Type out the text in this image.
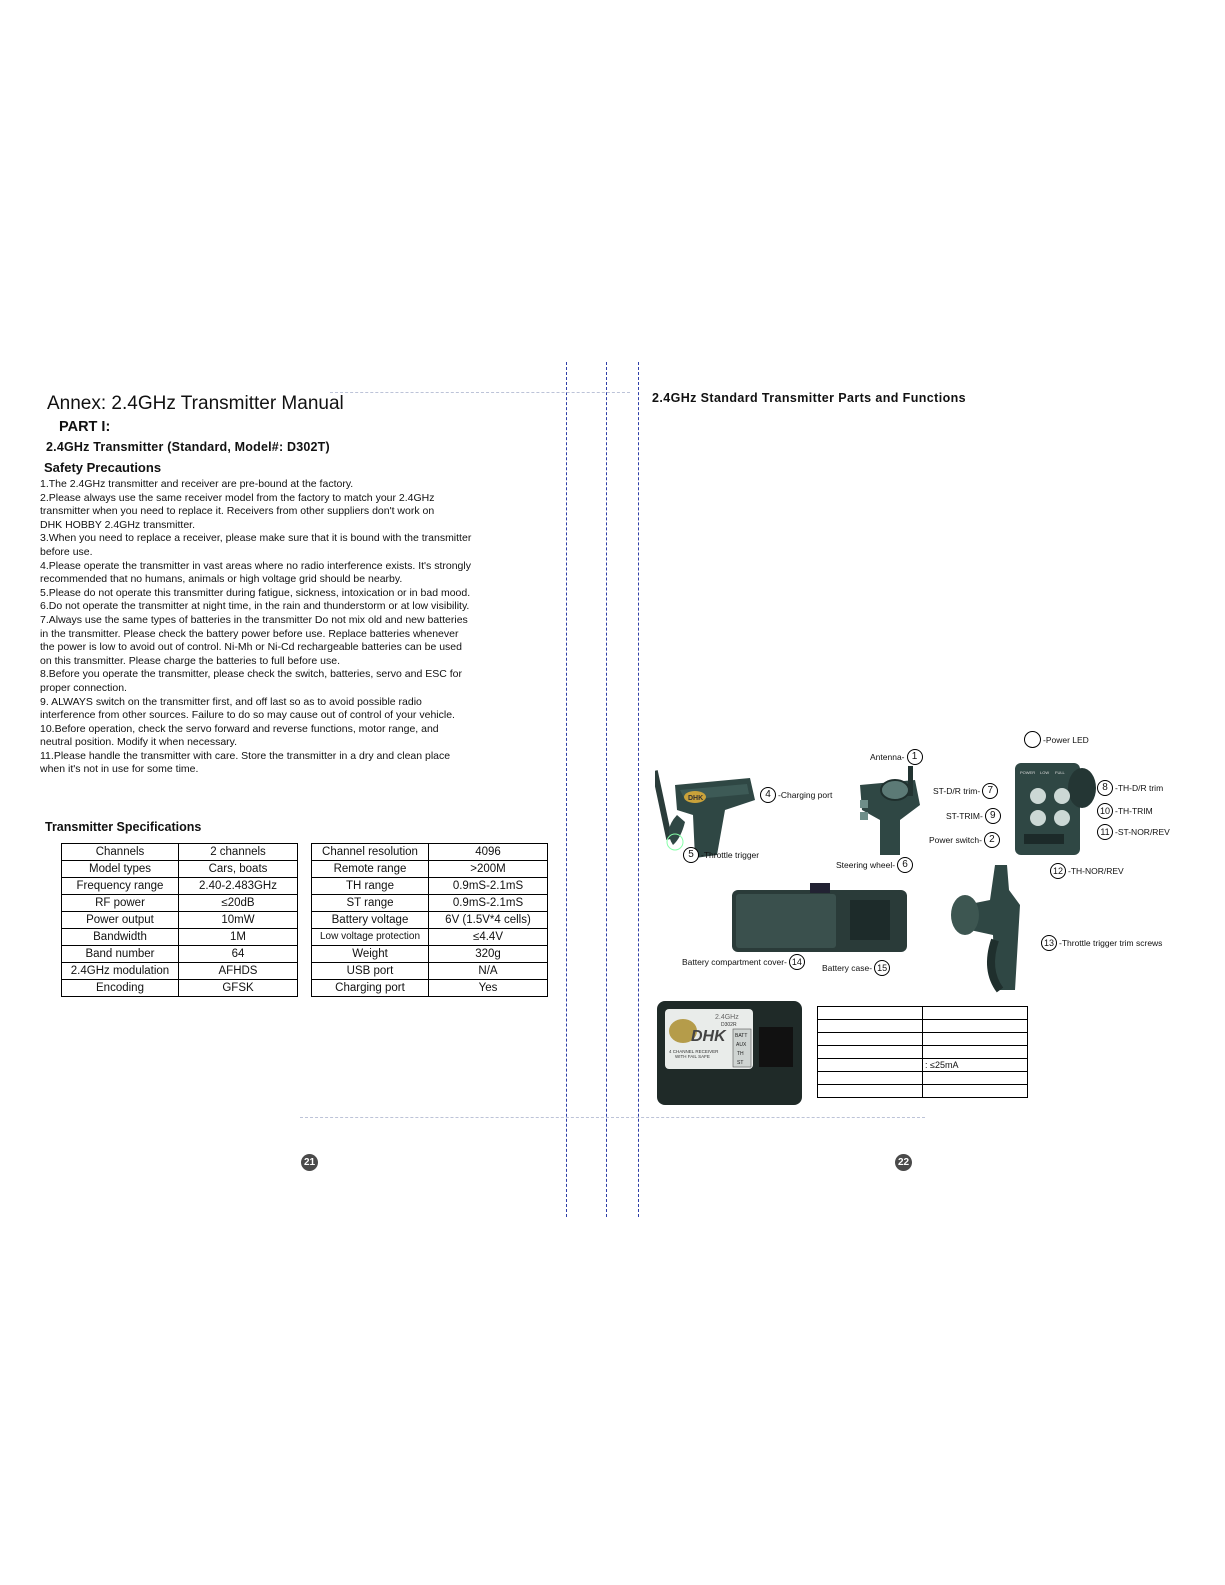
Annex: 2.4GHz Transmitter Manual
PART I:
2.4GHz Transmitter (Standard, Model#: D302T)
Safety Precautions
1.The 2.4GHz transmitter and receiver are pre-bound at the factory.
2.Please always use the same receiver model from the factory to match your 2.4GHz
transmitter when you need to replace it. Receivers from other suppliers don't work on
DHK HOBBY 2.4GHz transmitter.
3.When you need to replace a receiver, please make sure that it is bound with the transmitter
before use.
4.Please operate the transmitter in vast areas where no radio interference exists. It's strongly
recommended that no humans, animals or high voltage grid should be nearby.
5.Please do not operate this transmitter during fatigue, sickness, intoxication or in bad mood.
6.Do not operate the transmitter at night time, in the rain and thunderstorm or at low visibility.
7.Always use the same types of batteries in the transmitter Do not mix old and new batteries
in the transmitter. Please check the battery power before use. Replace batteries whenever
the power is low to avoid out of control. Ni-Mh or Ni-Cd rechargeable batteries can be used
on this transmitter. Please charge the batteries to full before use.
8.Before you operate the transmitter, please check the switch, batteries, servo and ESC for
proper connection.
9. ALWAYS switch on the transmitter first, and off last so as to avoid possible radio
interference from other sources. Failure to do so may cause out of control of your vehicle.
10.Before operation, check the servo forward and reverse functions, motor range, and
neutral position. Modify it when necessary.
11.Please handle the transmitter with care. Store the transmitter in a dry and clean place
when it's not in use for some time.
Transmitter Specifications
Channels	2 channels
Model types	Cars, boats
Frequency range	2.40-2.483GHz
RF power	≤20dB
Power output	10mW
Bandwidth	1M
Band number	64
2.4GHz modulation	AFHDS
Encoding	GFSK
Channel resolution	4096
Remote range	>200M
TH range	0.9mS-2.1mS
ST range	0.9mS-2.1mS
Battery voltage	6V (1.5V*4 cells)
Low voltage protection	≤4.4V
Weight	320g
USB port	N/A
Charging port	Yes
21
2.4GHz Standard Transmitter Parts and Functions
DHK
POWER LOW FULL
2.4GHz
D302R
DHK
4 CHANNEL RECEIVER
WITH FAIL SAFE
BATT
AUX
TH
ST
-Power LED
Antenna- 1
4 -Charging port
5 -Throttle trigger
Steering wheel- 6
ST-D/R trim- 7
ST-TRIM- 9
Power switch- 2
8 -TH-D/R trim
10 -TH-TRIM
11 -ST-NOR/REV
12 -TH-NOR/REV
13 -Throttle trigger trim screws
Battery compartment cover- 14
Battery case- 15

	: ≤25mA

22
